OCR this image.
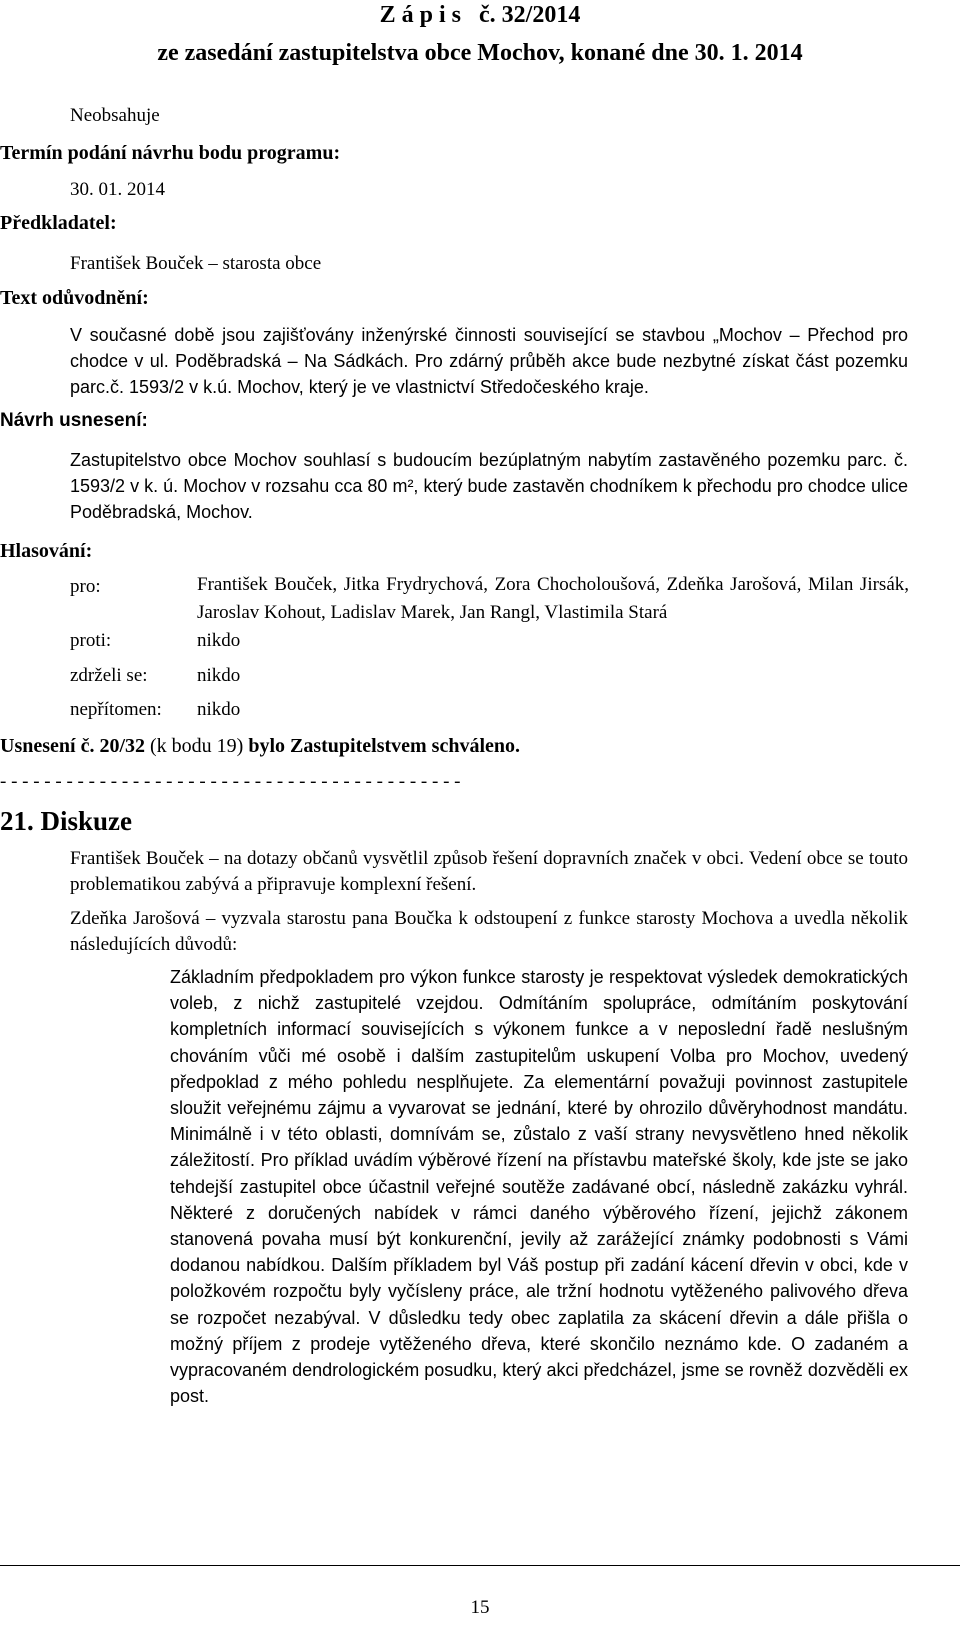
Z á p i s   č. 32/2014
ze zasedání zastupitelstva obce Mochov, konané dne 30. 1. 2014
Neobsahuje
Termín podání návrhu bodu programu:
30. 01. 2014
Předkladatel:
František Bouček – starosta obce
Text odůvodnění:
V současné době jsou zajišťovány inženýrské činnosti související se stavbou „Mochov – Přechod pro chodce v ul. Poděbradská – Na Sádkách. Pro zdárný průběh akce bude nezbytné získat část pozemku parc.č. 1593/2 v k.ú. Mochov, který je ve vlastnictví Středočeského kraje.
Návrh usnesení:
Zastupitelstvo obce Mochov souhlasí s budoucím bezúplatným nabytím zastavěného pozemku parc. č. 1593/2 v k. ú. Mochov v rozsahu cca 80 m², který bude zastavěn chodníkem k přechodu pro chodce ulice Poděbradská, Mochov.
Hlasování:
pro:	František Bouček, Jitka Frydrychová, Zora Chocholoušová, Zdeňka Jarošová, Milan Jirsák, Jaroslav Kohout, Ladislav Marek, Jan Rangl, Vlastimila Stará
proti:	nikdo
zdrželi se:	nikdo
nepřítomen: nikdo
Usnesení č. 20/32 (k bodu 19) bylo Zastupitelstvem schváleno.
- - - - - - - - - - - - - - - - - - - - - - - - - - - - - - - - - - - - - - - - - -
21. Diskuze
František Bouček – na dotazy občanů vysvětlil způsob řešení dopravních značek v obci. Vedení obce se touto problematikou zabývá a připravuje komplexní řešení.
Zdeňka Jarošová – vyzvala starostu pana Boučka k odstoupení z funkce starosty Mochova a uvedla několik následujících důvodů:
Základním předpokladem pro výkon funkce starosty je respektovat výsledek demokratických voleb, z nichž zastupitelé vzejdou. Odmítáním spolupráce, odmítáním poskytování kompletních informací souvisejících s výkonem funkce a v neposlední řadě neslušným chováním vůči mé osobě i dalším zastupitelům uskupení Volba pro Mochov, uvedený předpoklad z mého pohledu nesplňujete. Za elementární považuji povinnost zastupitele sloužit veřejnému zájmu a vyvarovat se jednání, které by ohrozilo důvěryhodnost mandátu. Minimálně i v této oblasti, domnívám se, zůstalo z vaší strany nevysvětleno hned několik záležitostí. Pro příklad uvádím výběrové řízení na přístavbu mateřské školy, kde jste se jako tehdejší zastupitel obce účastnil veřejné soutěže zadávané obcí, následně zakázku vyhrál. Některé z doručených nabídek v rámci daného výběrového řízení, jejichž zákonem stanovená povaha musí být konkurenční, jevily až zarážející známky podobnosti s Vámi dodanou nabídkou. Dalším příkladem byl Váš postup při zadání kácení dřevin v obci, kde v položkovém rozpočtu byly vyčísleny práce, ale tržní hodnotu vytěženého palivového dřeva se rozpočet nezabýval. V důsledku tedy obec zaplatila za skácení dřevin a dále přišla o možný příjem z prodeje vytěženého dřeva, které skončilo neznámo kde. O zadaném a vypracovaném dendrologickém posudku, který akci předcházel, jsme se rovněž dozvěděli ex post.
15
